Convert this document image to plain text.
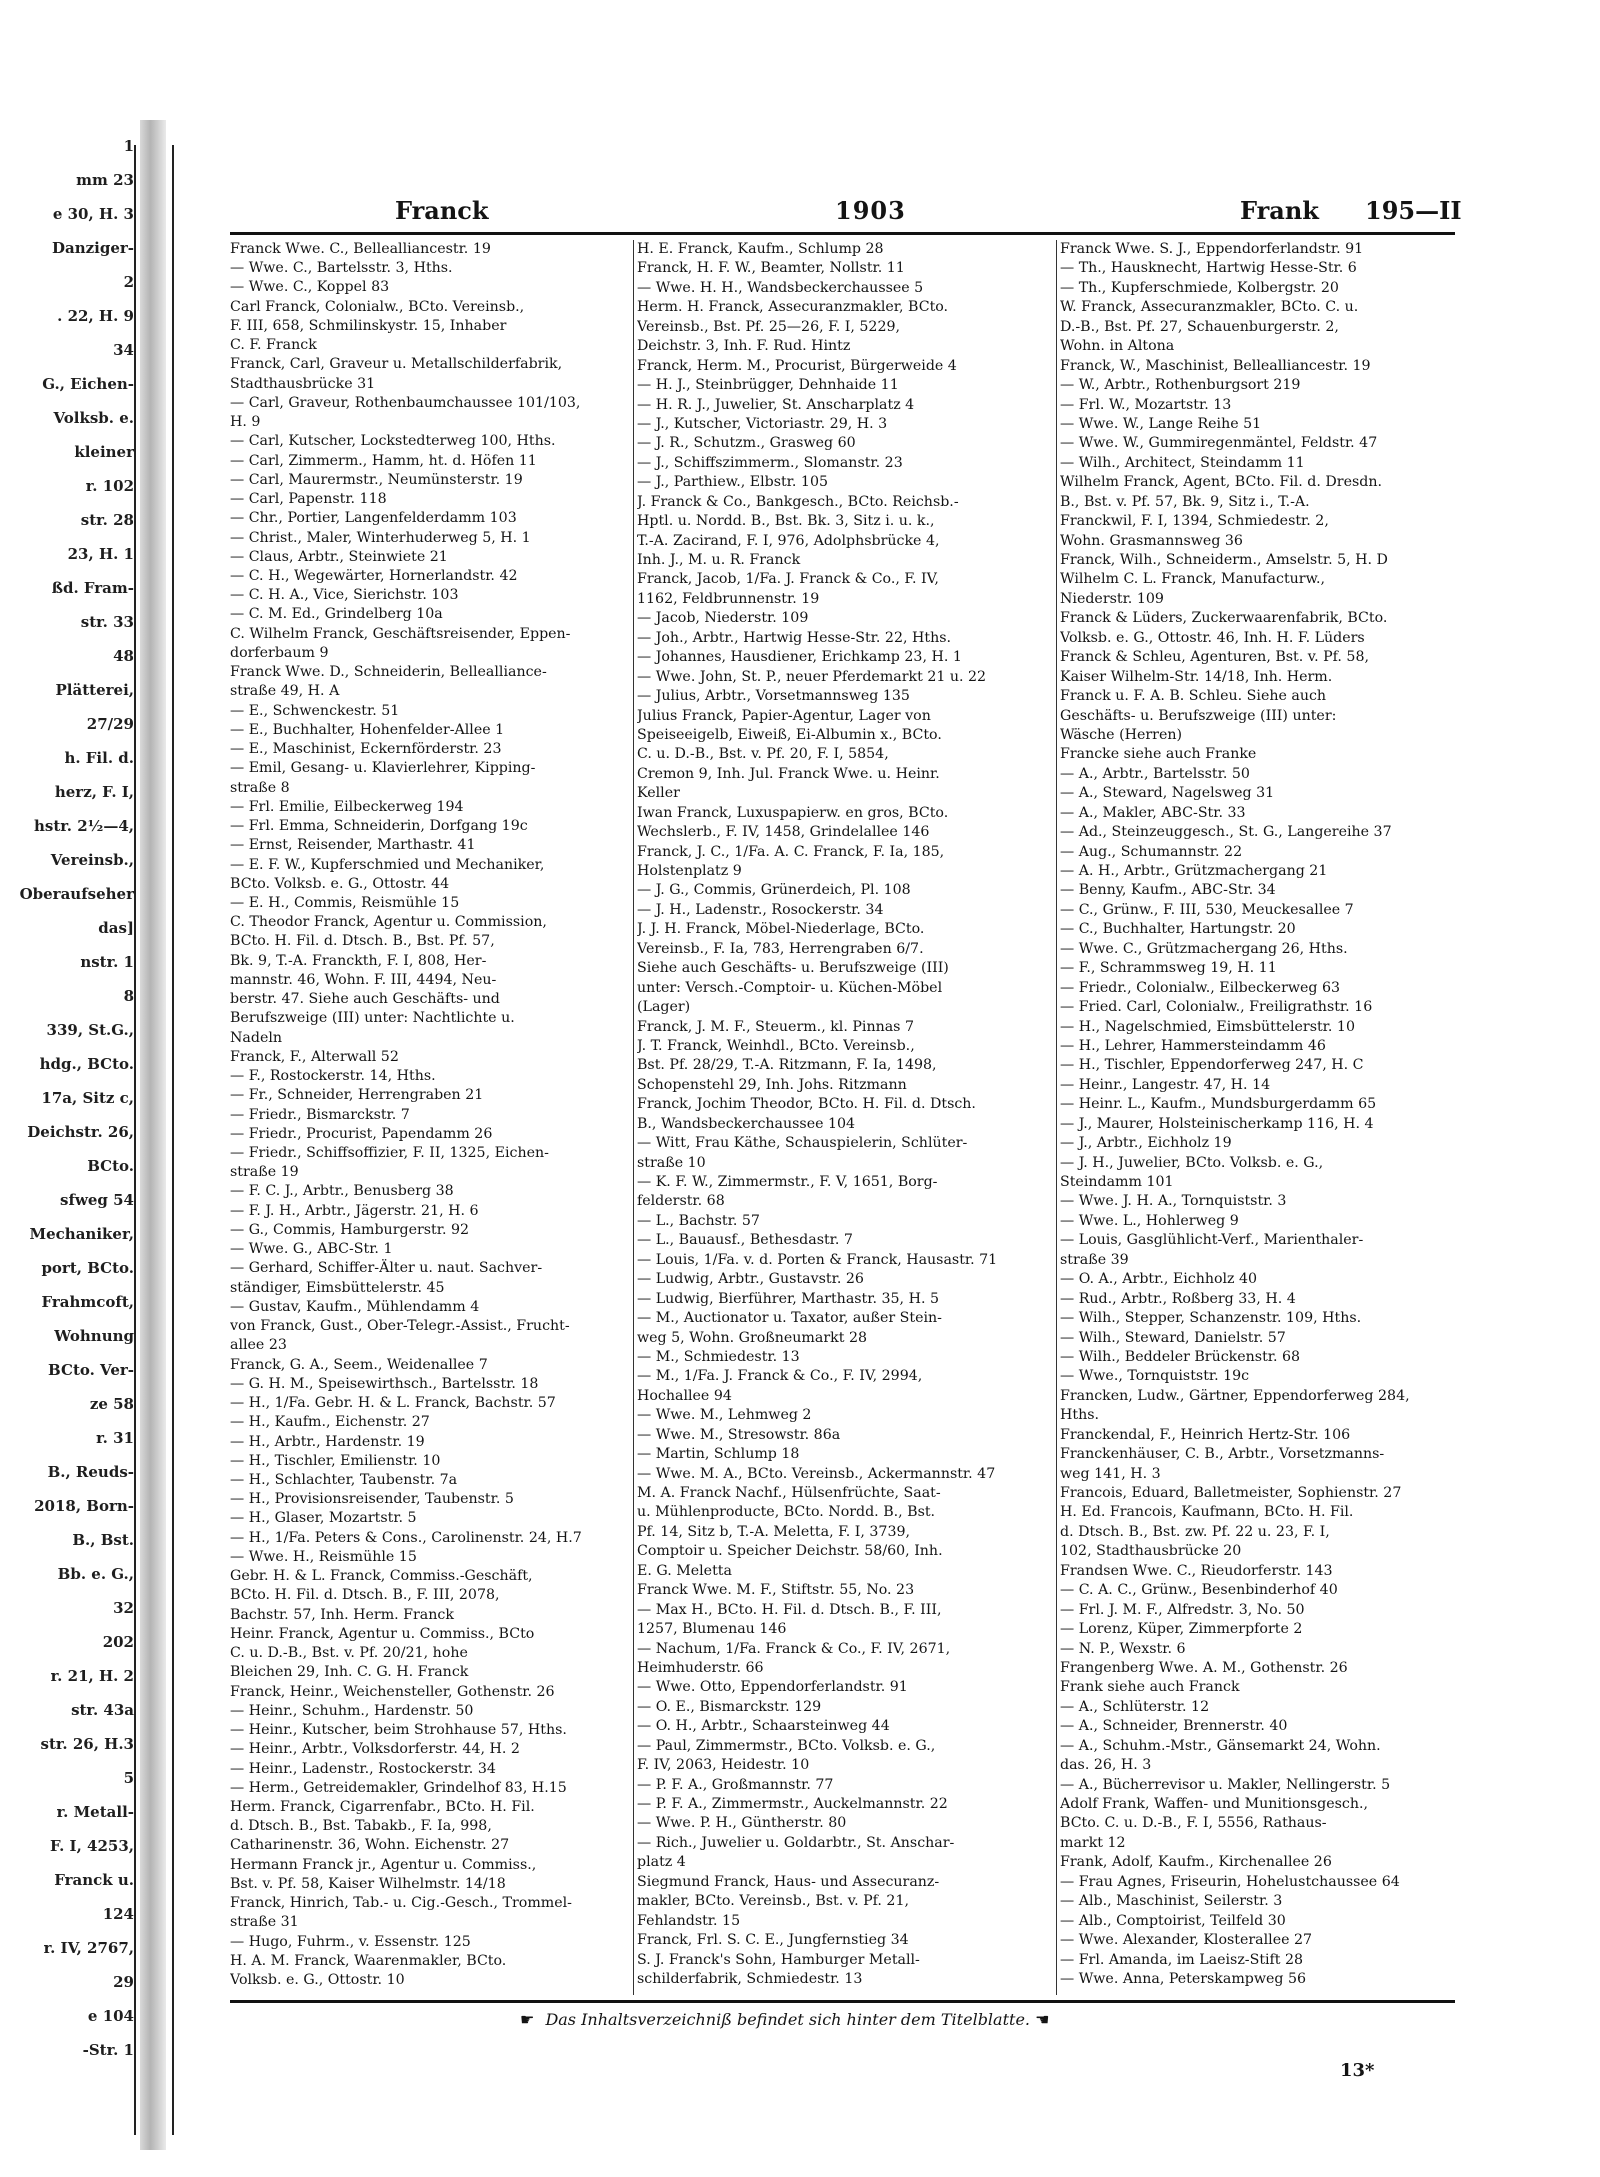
1
mm 23
e 30, H. 3
Danziger-
2
. 22, H. 9
34
G., Eichen-
Volksb. e.
kleiner
r. 102
str. 28
23, H. 1
ßd. Fram-
str. 33
48
Plätterei,
27/29
h. Fil. d.
herz, F. I,
hstr. 2½—4,
Vereinsb.,
Oberaufseher
das]
nstr. 1
8
339, St.G.,
hdg., BCto.
17a, Sitz c,
Deichstr. 26,
BCto.
sfweg 54
Mechaniker,
port, BCto.
Frahmcoft,
Wohnung
BCto. Ver-
ze 58
r. 31
B., Reuds-
2018, Born-
B., Bst.
Bb. e. G.,
32
202
r. 21, H. 2
str. 43a
str. 26, H.3
5
r. Metall-
F. I, 4253,
Franck u.
124
r. IV, 2767,
29
e 104
-Str. 1
Franck	1903	Frank 195—II
Franck Wwe. C., Bellealliancestr. 19
— Wwe. C., Bartelsstr. 3, Hths.
— Wwe. C., Koppel 83
Carl Franck, Colonialw., BCto. Vereinsb.,
F. III, 658, Schmilinskystr. 15, Inhaber
C. F. Franck
Franck, Carl, Graveur u. Metallschilderfabrik,
Stadthausbrücke 31
— Carl, Graveur, Rothenbaumchaussee 101/103,
H. 9
— Carl, Kutscher, Lockstedterweg 100, Hths.
— Carl, Zimmerm., Hamm, ht. d. Höfen 11
— Carl, Maurermstr., Neumünsterstr. 19
— Carl, Papenstr. 118
— Chr., Portier, Langenfelderdamm 103
— Christ., Maler, Winterhuderweg 5, H. 1
— Claus, Arbtr., Steinwiete 21
— C. H., Wegewärter, Hornerlandstr. 42
— C. H. A., Vice, Sierichstr. 103
— C. M. Ed., Grindelberg 10a
C. Wilhelm Franck, Geschäftsreisender, Eppen-
dorferbaum 9
Franck Wwe. D., Schneiderin, Bellealliance-
straße 49, H. A
— E., Schwenckestr. 51
— E., Buchhalter, Hohenfelder-Allee 1
— E., Maschinist, Eckernförderstr. 23
— Emil, Gesang- u. Klavierlehrer, Kipping-
straße 8
— Frl. Emilie, Eilbeckerweg 194
— Frl. Emma, Schneiderin, Dorfgang 19c
— Ernst, Reisender, Marthastr. 41
— E. F. W., Kupferschmied und Mechaniker,
BCto. Volksb. e. G., Ottostr. 44
— E. H., Commis, Reismühle 15
C. Theodor Franck, Agentur u. Commission,
BCto. H. Fil. d. Dtsch. B., Bst. Pf. 57,
Bk. 9, T.-A. Franckth, F. I, 808, Her-
mannstr. 46, Wohn. F. III, 4494, Neu-
berstr. 47. Siehe auch Geschäfts- und
Berufszweige (III) unter: Nachtlichte u.
Nadeln
Franck, F., Alterwall 52
— F., Rostockerstr. 14, Hths.
— Fr., Schneider, Herrengraben 21
— Friedr., Bismarckstr. 7
— Friedr., Procurist, Papendamm 26
— Friedr., Schiffsoffizier, F. II, 1325, Eichen-
straße 19
— F. C. J., Arbtr., Benusberg 38
— F. J. H., Arbtr., Jägerstr. 21, H. 6
— G., Commis, Hamburgerstr. 92
— Wwe. G., ABC-Str. 1
— Gerhard, Schiffer-Älter u. naut. Sachver-
ständiger, Eimsbüttelerstr. 45
— Gustav, Kaufm., Mühlendamm 4
von Franck, Gust., Ober-Telegr.-Assist., Frucht-
allee 23
Franck, G. A., Seem., Weidenallee 7
— G. H. M., Speisewirthsch., Bartelsstr. 18
— H., 1/Fa. Gebr. H. & L. Franck, Bachstr. 57
— H., Kaufm., Eichenstr. 27
— H., Arbtr., Hardenstr. 19
— H., Tischler, Emilienstr. 10
— H., Schlachter, Taubenstr. 7a
— H., Provisionsreisender, Taubenstr. 5
— H., Glaser, Mozartstr. 5
— H., 1/Fa. Peters & Cons., Carolinenstr. 24, H.7
— Wwe. H., Reismühle 15
Gebr. H. & L. Franck, Commiss.-Geschäft,
BCto. H. Fil. d. Dtsch. B., F. III, 2078,
Bachstr. 57, Inh. Herm. Franck
Heinr. Franck, Agentur u. Commiss., BCto
C. u. D.-B., Bst. v. Pf. 20/21, hohe
Bleichen 29, Inh. C. G. H. Franck
Franck, Heinr., Weichensteller, Gothenstr. 26
— Heinr., Schuhm., Hardenstr. 50
— Heinr., Kutscher, beim Strohhause 57, Hths.
— Heinr., Arbtr., Volksdorferstr. 44, H. 2
— Heinr., Ladenstr., Rostockerstr. 34
— Herm., Getreidemakler, Grindelhof 83, H.15
Herm. Franck, Cigarrenfabr., BCto. H. Fil.
d. Dtsch. B., Bst. Tabakb., F. Ia, 998,
Catharinenstr. 36, Wohn. Eichenstr. 27
Hermann Franck jr., Agentur u. Commiss.,
Bst. v. Pf. 58, Kaiser Wilhelmstr. 14/18
Franck, Hinrich, Tab.- u. Cig.-Gesch., Trommel-
straße 31
— Hugo, Fuhrm., v. Essenstr. 125
H. A. M. Franck, Waarenmakler, BCto.
Volksb. e. G., Ottostr. 10
H. E. Franck, Kaufm., Schlump 28
Franck, H. F. W., Beamter, Nollstr. 11
— Wwe. H. H., Wandsbeckerchaussee 5
Herm. H. Franck, Assecuranzmakler, BCto.
Vereinsb., Bst. Pf. 25—26, F. I, 5229,
Deichstr. 3, Inh. F. Rud. Hintz
Franck, Herm. M., Procurist, Bürgerweide 4
— H. J., Steinbrügger, Dehnhaide 11
— H. R. J., Juwelier, St. Anscharplatz 4
— J., Kutscher, Victoriastr. 29, H. 3
— J. R., Schutzm., Grasweg 60
— J., Schiffszimmerm., Slomanstr. 23
— J., Parthiew., Elbstr. 105
J. Franck & Co., Bankgesch., BCto. Reichsb.-
Hptl. u. Nordd. B., Bst. Bk. 3, Sitz i. u. k.,
T.-A. Zacirand, F. I, 976, Adolphsbrücke 4,
Inh. J., M. u. R. Franck
Franck, Jacob, 1/Fa. J. Franck & Co., F. IV,
1162, Feldbrunnenstr. 19
— Jacob, Niederstr. 109
— Joh., Arbtr., Hartwig Hesse-Str. 22, Hths.
— Johannes, Hausdiener, Erichkamp 23, H. 1
— Wwe. John, St. P., neuer Pferdemarkt 21 u. 22
— Julius, Arbtr., Vorsetmannsweg 135
Julius Franck, Papier-Agentur, Lager von
Speiseeigelb, Eiweiß, Ei-Albumin x., BCto.
C. u. D.-B., Bst. v. Pf. 20, F. I, 5854,
Cremon 9, Inh. Jul. Franck Wwe. u. Heinr.
Keller
Iwan Franck, Luxuspapierw. en gros, BCto.
Wechslerb., F. IV, 1458, Grindelallee 146
Franck, J. C., 1/Fa. A. C. Franck, F. Ia, 185,
Holstenplatz 9
— J. G., Commis, Grünerdeich, Pl. 108
— J. H., Ladenstr., Rosockerstr. 34
J. J. H. Franck, Möbel-Niederlage, BCto.
Vereinsb., F. Ia, 783, Herrengraben 6/7.
Siehe auch Geschäfts- u. Berufszweige (III)
unter: Versch.-Comptoir- u. Küchen-Möbel
(Lager)
Franck, J. M. F., Steuerm., kl. Pinnas 7
J. T. Franck, Weinhdl., BCto. Vereinsb.,
Bst. Pf. 28/29, T.-A. Ritzmann, F. Ia, 1498,
Schopenstehl 29, Inh. Johs. Ritzmann
Franck, Jochim Theodor, BCto. H. Fil. d. Dtsch.
B., Wandsbeckerchaussee 104
— Witt, Frau Käthe, Schauspielerin, Schlüter-
straße 10
— K. F. W., Zimmermstr., F. V, 1651, Borg-
felderstr. 68
— L., Bachstr. 57
— L., Bauausf., Bethesdastr. 7
— Louis, 1/Fa. v. d. Porten & Franck, Hausastr. 71
— Ludwig, Arbtr., Gustavstr. 26
— Ludwig, Bierführer, Marthastr. 35, H. 5
— M., Auctionator u. Taxator, außer Stein-
weg 5, Wohn. Großneumarkt 28
— M., Schmiedestr. 13
— M., 1/Fa. J. Franck & Co., F. IV, 2994,
Hochallee 94
— Wwe. M., Lehmweg 2
— Wwe. M., Stresowstr. 86a
— Martin, Schlump 18
— Wwe. M. A., BCto. Vereinsb., Ackermannstr. 47
M. A. Franck Nachf., Hülsenfrüchte, Saat-
u. Mühlenproducte, BCto. Nordd. B., Bst.
Pf. 14, Sitz b, T.-A. Meletta, F. I, 3739,
Comptoir u. Speicher Deichstr. 58/60, Inh.
E. G. Meletta
Franck Wwe. M. F., Stiftstr. 55, No. 23
— Max H., BCto. H. Fil. d. Dtsch. B., F. III,
1257, Blumenau 146
— Nachum, 1/Fa. Franck & Co., F. IV, 2671,
Heimhuderstr. 66
— Wwe. Otto, Eppendorferlandstr. 91
— O. E., Bismarckstr. 129
— O. H., Arbtr., Schaarsteinweg 44
— Paul, Zimmermstr., BCto. Volksb. e. G.,
F. IV, 2063, Heidestr. 10
— P. F. A., Großmannstr. 77
— P. F. A., Zimmermstr., Auckelmannstr. 22
— Wwe. P. H., Güntherstr. 80
— Rich., Juwelier u. Goldarbtr., St. Anschar-
platz 4
Siegmund Franck, Haus- und Assecuranz-
makler, BCto. Vereinsb., Bst. v. Pf. 21,
Fehlandstr. 15
Franck, Frl. S. C. E., Jungfernstieg 34
S. J. Franck's Sohn, Hamburger Metall-
schilderfabrik, Schmiedestr. 13
Franck Wwe. S. J., Eppendorferlandstr. 91
— Th., Hausknecht, Hartwig Hesse-Str. 6
— Th., Kupferschmiede, Kolbergstr. 20
W. Franck, Assecuranzmakler, BCto. C. u.
D.-B., Bst. Pf. 27, Schauenburgerstr. 2,
Wohn. in Altona
Franck, W., Maschinist, Bellealliancestr. 19
— W., Arbtr., Rothenburgsort 219
— Frl. W., Mozartstr. 13
— Wwe. W., Lange Reihe 51
— Wwe. W., Gummiregenmäntel, Feldstr. 47
— Wilh., Architect, Steindamm 11
Wilhelm Franck, Agent, BCto. Fil. d. Dresdn.
B., Bst. v. Pf. 57, Bk. 9, Sitz i., T.-A.
Franckwil, F. I, 1394, Schmiedestr. 2,
Wohn. Grasmannsweg 36
Franck, Wilh., Schneiderm., Amselstr. 5, H. D
Wilhelm C. L. Franck, Manufacturw.,
Niederstr. 109
Franck & Lüders, Zuckerwaarenfabrik, BCto.
Volksb. e. G., Ottostr. 46, Inh. H. F. Lüders
Franck & Schleu, Agenturen, Bst. v. Pf. 58,
Kaiser Wilhelm-Str. 14/18, Inh. Herm.
Franck u. F. A. B. Schleu. Siehe auch
Geschäfts- u. Berufszweige (III) unter:
Wäsche (Herren)
Francke siehe auch Franke
— A., Arbtr., Bartelsstr. 50
— A., Steward, Nagelsweg 31
— A., Makler, ABC-Str. 33
— Ad., Steinzeuggesch., St. G., Langereihe 37
— Aug., Schumannstr. 22
— A. H., Arbtr., Grützmachergang 21
— Benny, Kaufm., ABC-Str. 34
— C., Grünw., F. III, 530, Meuckesallee 7
— C., Buchhalter, Hartungstr. 20
— Wwe. C., Grützmachergang 26, Hths.
— F., Schrammsweg 19, H. 11
— Friedr., Colonialw., Eilbeckerweg 63
— Fried. Carl, Colonialw., Freiligrathstr. 16
— H., Nagelschmied, Eimsbüttelerstr. 10
— H., Lehrer, Hammersteindamm 46
— H., Tischler, Eppendorferweg 247, H. C
— Heinr., Langestr. 47, H. 14
— Heinr. L., Kaufm., Mundsburgerdamm 65
— J., Maurer, Holsteinischerkamp 116, H. 4
— J., Arbtr., Eichholz 19
— J. H., Juwelier, BCto. Volksb. e. G.,
Steindamm 101
— Wwe. J. H. A., Tornquiststr. 3
— Wwe. L., Hohlerweg 9
— Louis, Gasglühlicht-Verf., Marienthaler-
straße 39
— O. A., Arbtr., Eichholz 40
— Rud., Arbtr., Roßberg 33, H. 4
— Wilh., Stepper, Schanzenstr. 109, Hths.
— Wilh., Steward, Danielstr. 57
— Wilh., Beddeler Brückenstr. 68
— Wwe., Tornquiststr. 19c
Francken, Ludw., Gärtner, Eppendorferweg 284,
Hths.
Franckendal, F., Heinrich Hertz-Str. 106
Franckenhäuser, C. B., Arbtr., Vorsetzmanns-
weg 141, H. 3
Francois, Eduard, Balletmeister, Sophienstr. 27
H. Ed. Francois, Kaufmann, BCto. H. Fil.
d. Dtsch. B., Bst. zw. Pf. 22 u. 23, F. I,
102, Stadthausbrücke 20
Frandsen Wwe. C., Rieudorferstr. 143
— C. A. C., Grünw., Besenbinderhof 40
— Frl. J. M. F., Alfredstr. 3, No. 50
— Lorenz, Küper, Zimmerpforte 2
— N. P., Wexstr. 6
Frangenberg Wwe. A. M., Gothenstr. 26
Frank siehe auch Franck
— A., Schlüterstr. 12
— A., Schneider, Brennerstr. 40
— A., Schuhm.-Mstr., Gänsemarkt 24, Wohn.
das. 26, H. 3
— A., Bücherrevisor u. Makler, Nellingerstr. 5
Adolf Frank, Waffen- und Munitionsgesch.,
BCto. C. u. D.-B., F. I, 5556, Rathaus-
markt 12
Frank, Adolf, Kaufm., Kirchenallee 26
— Frau Agnes, Friseurin, Hohelustchaussee 64
— Alb., Maschinist, Seilerstr. 3
— Alb., Comptoirist, Teilfeld 30
— Wwe. Alexander, Klosterallee 27
— Frl. Amanda, im Laeisz-Stift 28
— Wwe. Anna, Peterskampweg 56
☛ Das Inhaltsverzeichniß befindet sich hinter dem Titelblatte. ☚
13*
